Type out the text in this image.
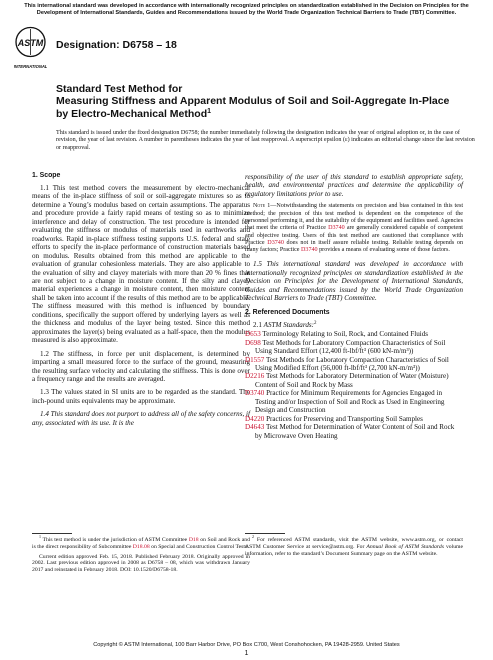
This international standard was developed in accordance with internationally recognized principles on standardization established in the Decision on Principles for the Development of International Standards, Guides and Recommendations issued by the World Trade Organization Technical Barriers to Trade (TBT) Committee.
ASTM
INTERNATIONAL
Designation: D6758 – 18
Standard Test Method for
Measuring Stiffness and Apparent Modulus of Soil and Soil-Aggregate In-Place by Electro-Mechanical Method$^1$
This standard is issued under the fixed designation D6758; the number immediately following the designation indicates the year of original adoption or, in the case of revision, the year of last revision. A number in parentheses indicates the year of last reapproval. A superscript epsilon (ε) indicates an editorial change since the last revision or reapproval.
1. Scope

1.1 This test method covers the measurement by electro-mechanical means of the in-place stiffness of soil or soil-aggregate mixtures so as to determine a Young’s modulus based on certain assumptions. The apparatus and procedure provide a fairly rapid means of testing so as to minimize interference and delay of construction. The test procedure is intended for evaluating the stiffness or modulus of materials used in earthworks and roadworks. Rapid in-place stiffness testing supports U.S. federal and state efforts to specify the in-place performance of construction materials based on modulus. Results obtained from this method are applicable to the evaluation of granular cohesionless materials. They are also applicable to the evaluation of silty and clayey materials with more than 20 % fines that are not subject to a change in moisture content. If the silty and clayey material experiences a change in moisture content, then moisture content shall be taken into account if the results of this method are to be applicable. The stiffness measured with this method is influenced by boundary conditions, specifically the support offered by underlying layers as well as the thickness and modulus of the layer being tested. Since this method approximates the layer(s) being evaluated as a half-space, then the modulus measured is also approximate.

1.2 The stiffness, in force per unit displacement, is determined by imparting a small measured force to the surface of the ground, measuring the resulting surface velocity and calculating the stiffness. This is done over a frequency range and the results are averaged.

1.3 The values stated in SI units are to be regarded as the standard. The inch-pound units equivalents may be approximate.

1.4 This standard does not purport to address all of the safety concerns, if any, associated with its use. It is the

responsibility of the user of this standard to establish appropriate safety, health, and environmental practices and determine the applicability of regulatory limitations prior to use.

Note 1—Notwithstanding the statements on precision and bias contained in this test method; the precision of this test method is dependent on the competence of the personnel performing it, and the suitability of the equipment and facilities used. Agencies that meet the criteria of Practice D3740 are generally considered capable of competent and objective testing. Users of this test method are cautioned that compliance with Practice D3740 does not in itself assure reliable testing. Reliable testing depends on many factors; Practice D3740 provides a means of evaluating some of those factors.

1.5 This international standard was developed in accordance with internationally recognized principles on standardization established in the Decision on Principles for the Development of International Standards, Guides and Recommendations issued by the World Trade Organization Technical Barriers to Trade (TBT) Committee.

2. Referenced Documents

2.1 ASTM Standards:$^2$

D653 Terminology Relating to Soil, Rock, and Contained Fluids

D698 Test Methods for Laboratory Compaction Characteristics of Soil Using Standard Effort (12,400 ft-lbf/ft³ (600 kN-m/m³))

D1557 Test Methods for Laboratory Compaction Characteristics of Soil Using Modified Effort (56,000 ft-lbf/ft³ (2,700 kN-m/m³))

D2216 Test Methods for Laboratory Determination of Water (Moisture) Content of Soil and Rock by Mass

D3740 Practice for Minimum Requirements for Agencies Engaged in Testing and/or Inspection of Soil and Rock as Used in Engineering Design and Construction

D4220 Practices for Preserving and Transporting Soil Samples

D4643 Test Method for Determination of Water Content of Soil and Rock by Microwave Oven Heating

$^1$ This test method is under the jurisdiction of ASTM Committee D18 on Soil and Rock and is the direct responsibility of Subcommittee D18.08 on Special and Construction Control Tests.

Current edition approved Feb. 15, 2018. Published February 2018. Originally approved in 2002. Last previous edition approved in 2008 as D6758 – 08, which was withdrawn January 2017 and reinstated in February 2018. DOI: 10.1520/D6758-18.

$^2$ For referenced ASTM standards, visit the ASTM website, www.astm.org, or contact ASTM Customer Service at service@astm.org. For Annual Book of ASTM Standards volume information, refer to the standard’s Document Summary page on the ASTM website.

Copyright © ASTM International, 100 Barr Harbor Drive, PO Box C700, West Conshohocken, PA 19428-2959. United States
1
